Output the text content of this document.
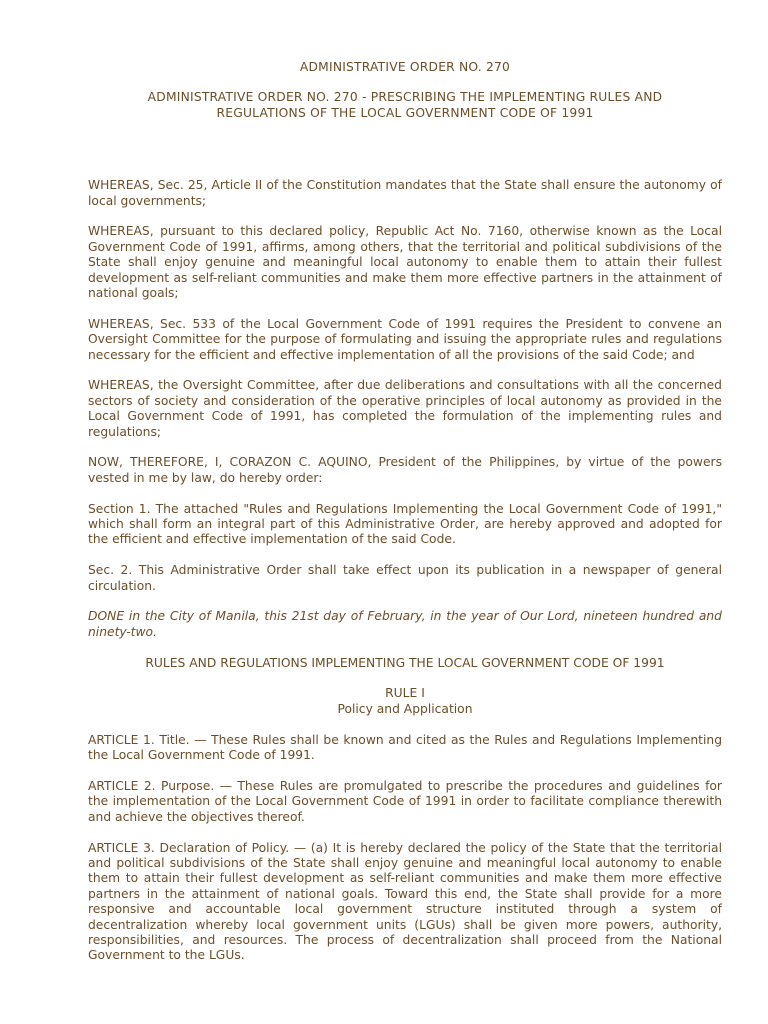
ADMINISTRATIVE ORDER NO. 270
ADMINISTRATIVE ORDER NO. 270 - PRESCRIBING THE IMPLEMENTING RULES AND
REGULATIONS OF THE LOCAL GOVERNMENT CODE OF 1991

WHEREAS, Sec. 25, Article II of the Constitution mandates that the State shall ensure the autonomy of local governments;

WHEREAS, pursuant to this declared policy, Republic Act No. 7160, otherwise known as the Local Government Code of 1991, affirms, among others, that the territorial and political subdivisions of the State shall enjoy genuine and meaningful local autonomy to enable them to attain their fullest development as self-reliant communities and make them more effective partners in the attainment of national goals;

WHEREAS, Sec. 533 of the Local Government Code of 1991 requires the President to convene an Oversight Committee for the purpose of formulating and issuing the appropriate rules and regulations necessary for the efficient and effective implementation of all the provisions of the said Code; and

WHEREAS, the Oversight Committee, after due deliberations and consultations with all the concerned sectors of society and consideration of the operative principles of local autonomy as provided in the Local Government Code of 1991, has completed the formulation of the implementing rules and regulations;

NOW, THEREFORE, I, CORAZON C. AQUINO, President of the Philippines, by virtue of the powers vested in me by law, do hereby order:

Section 1. The attached "Rules and Regulations Implementing the Local Government Code of 1991," which shall form an integral part of this Administrative Order, are hereby approved and adopted for the efficient and effective implementation of the said Code.

Sec. 2. This Administrative Order shall take effect upon its publication in a newspaper of general circulation.

DONE in the City of Manila, this 21st day of February, in the year of Our Lord, nineteen hundred and ninety-two.

RULES AND REGULATIONS IMPLEMENTING THE LOCAL GOVERNMENT CODE OF 1991
RULE I
Policy and Application

ARTICLE 1. Title. — These Rules shall be known and cited as the Rules and Regulations Implementing the Local Government Code of 1991.

ARTICLE 2. Purpose. — These Rules are promulgated to prescribe the procedures and guidelines for the implementation of the Local Government Code of 1991 in order to facilitate compliance therewith and achieve the objectives thereof.

ARTICLE 3. Declaration of Policy. — (a) It is hereby declared the policy of the State that the territorial and political subdivisions of the State shall enjoy genuine and meaningful local autonomy to enable them to attain their fullest development as self-reliant communities and make them more effective partners in the attainment of national goals. Toward this end, the State shall provide for a more responsive and accountable local government structure instituted through a system of decentralization whereby local government units (LGUs) shall be given more powers, authority, responsibilities, and resources. The process of decentralization shall proceed from the National Government to the LGUs.
